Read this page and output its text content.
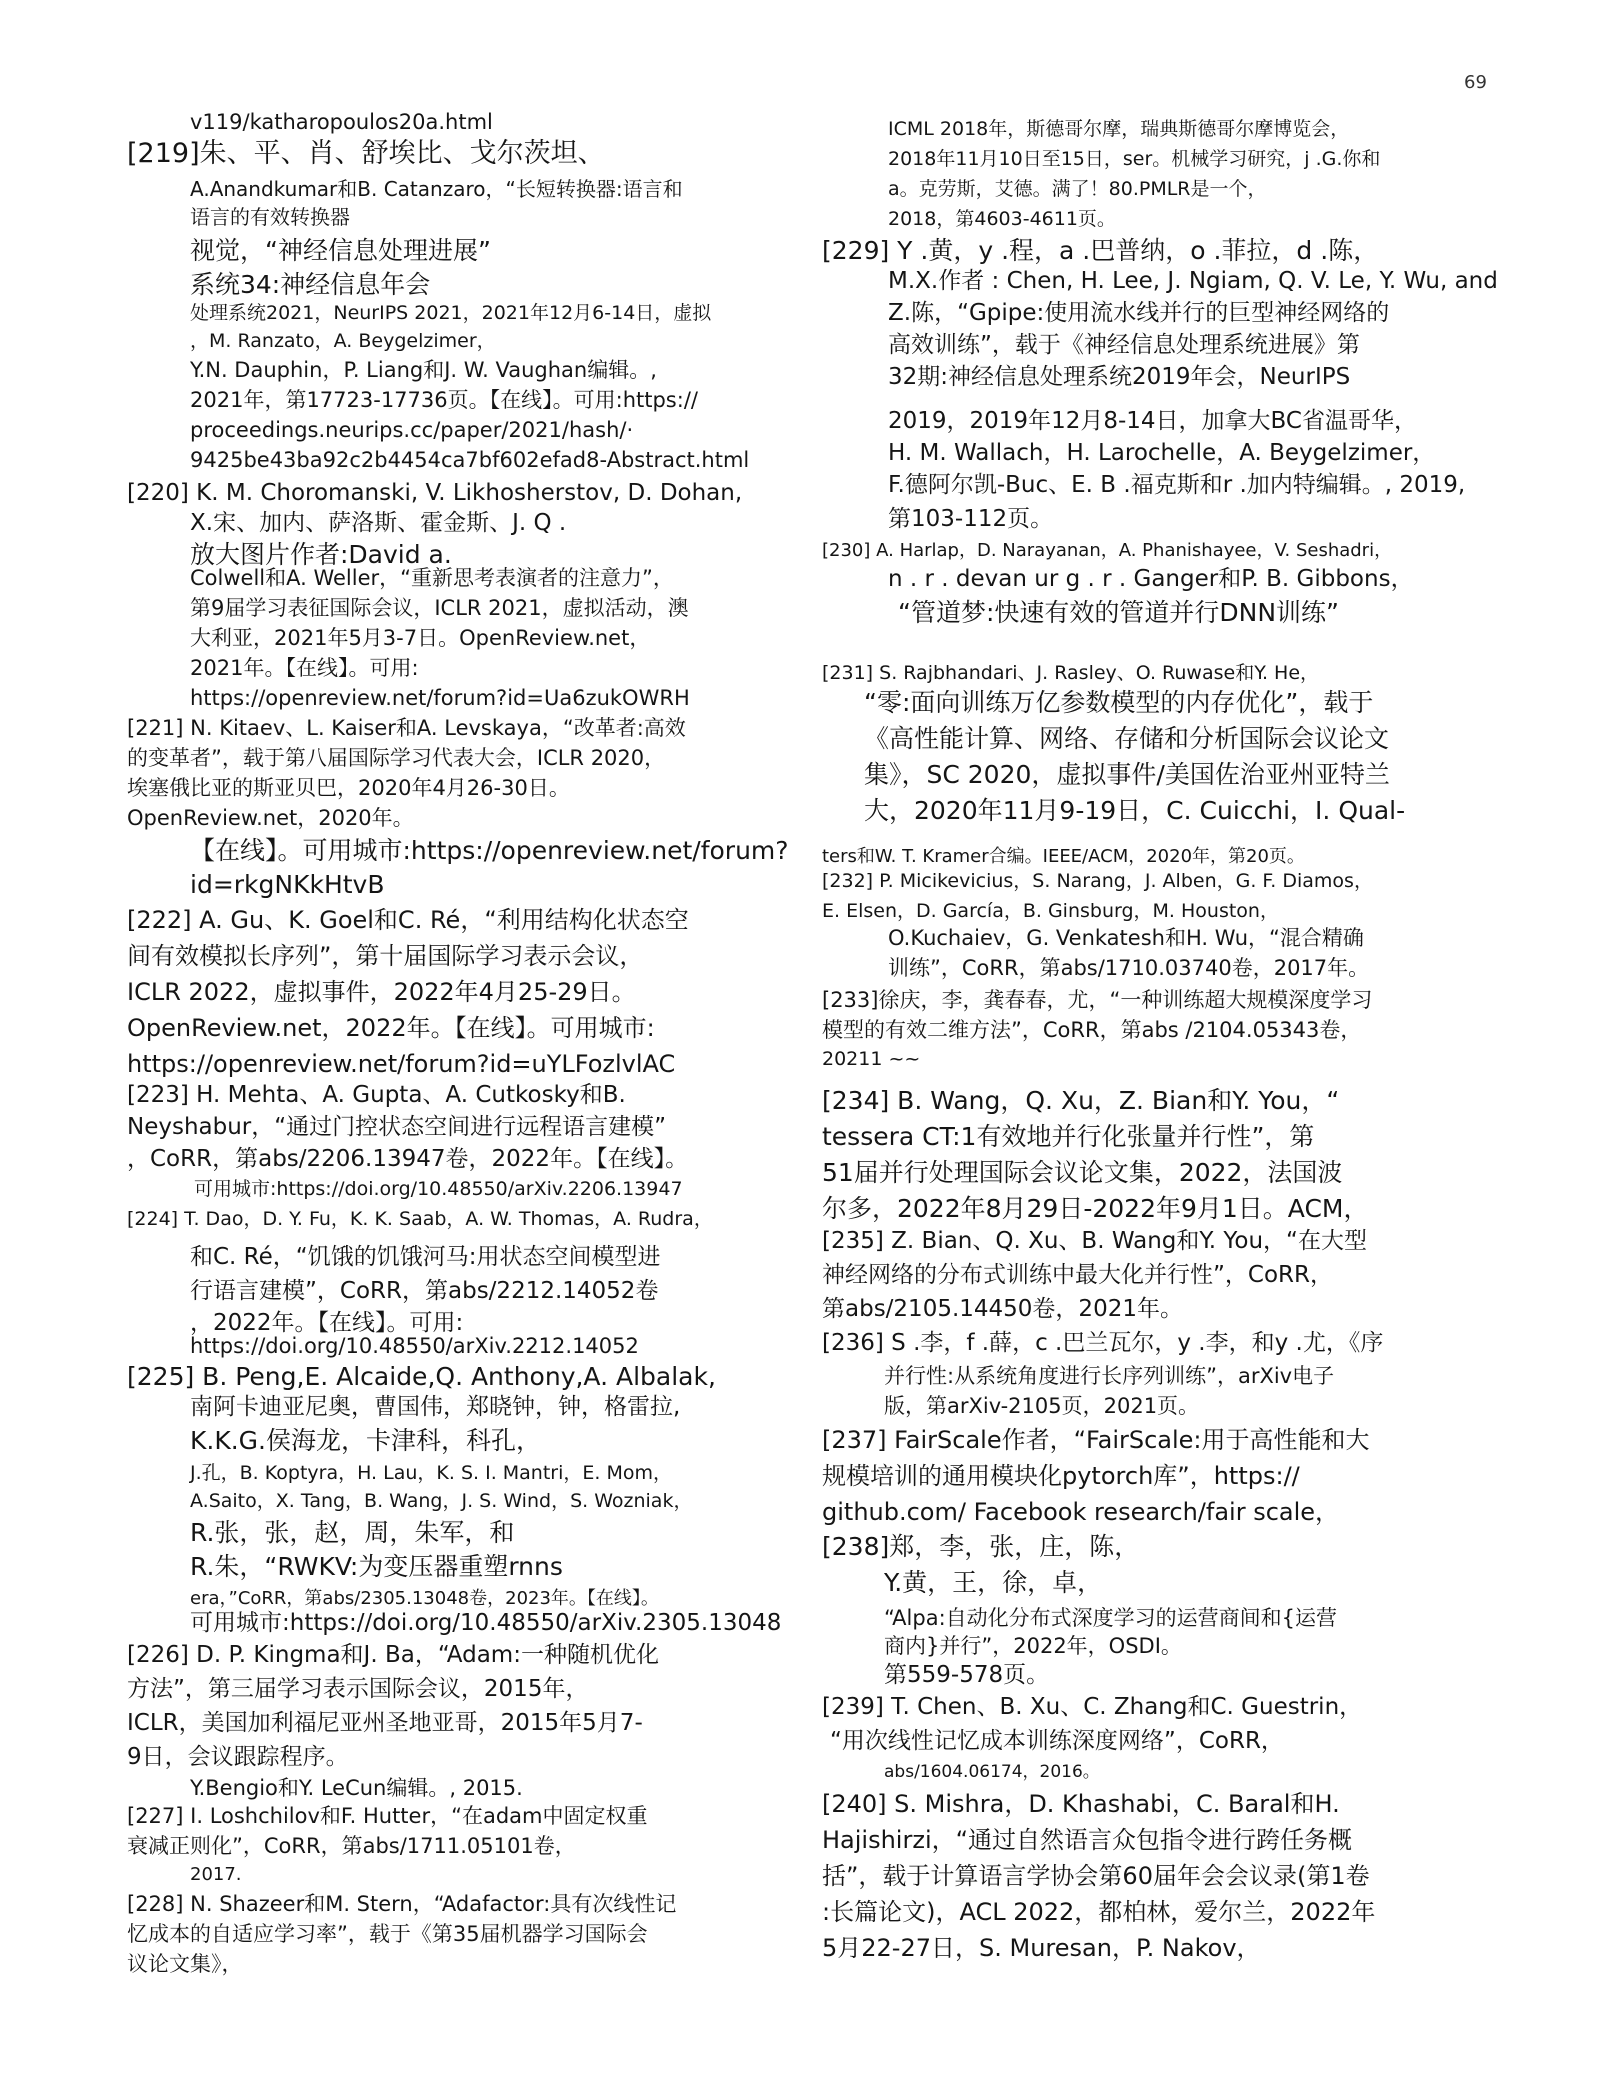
69
v119/katharopoulos20a.html
[219]朱、平、肖、舒埃比、戈尔茨坦、
A.Anandkumar和B. Catanzaro，“长短转换器:语言和
语言的有效转换器
视觉，“神经信息处理进展”
系统34:神经信息年会
处理系统2021，NeurIPS 2021，2021年12月6-14日，虚拟
，M. Ranzato，A. Beygelzimer，
Y.N. Dauphin，P. Liang和J. W. Vaughan编辑。,
2021年，第17723-17736页。【在线】。可用:https://
proceedings.neurips.cc/paper/2021/hash/·
9425be43ba92c2b4454ca7bf602efad8-Abstract.html
[220] K. M. Choromanski, V. Likhosherstov, D. Dohan,
X.宋、加内、萨洛斯、霍金斯、J. Q .
放大图片作者:David a.
Colwell和A. Weller，“重新思考表演者的注意力”，
第9届学习表征国际会议，ICLR 2021，虚拟活动，澳
大利亚，2021年5月3-7日。OpenReview.net，
2021年。【在线】。可用:
https://openreview.net/forum?id=Ua6zukOWRH
[221] N. Kitaev、L. Kaiser和A. Levskaya，“改革者:高效
的变革者”，载于第八届国际学习代表大会，ICLR 2020，
埃塞俄比亚的斯亚贝巴，2020年4月26-30日。
OpenReview.net，2020年。
【在线】。可用城市:https://openreview.net/forum?
id=rkgNKkHtvB
[222] A. Gu、K. Goel和C. Ré，“利用结构化状态空
间有效模拟长序列”，第十届国际学习表示会议，
ICLR 2022，虚拟事件，2022年4月25-29日。
OpenReview.net，2022年。【在线】。可用城市:
https://openreview.net/forum?id=uYLFozlvlAC
[223] H. Mehta、A. Gupta、A. Cutkosky和B.
Neyshabur，“通过门控状态空间进行远程语言建模”
，CoRR，第abs/2206.13947卷，2022年。【在线】。
可用城市:https://doi.org/10.48550/arXiv.2206.13947
[224] T. Dao，D. Y. Fu，K. K. Saab，A. W. Thomas，A. Rudra，
和C. Ré，“饥饿的饥饿河马:用状态空间模型进
行语言建模”，CoRR，第abs/2212.14052卷
，2022年。【在线】。可用:
https://doi.org/10.48550/arXiv.2212.14052
[225] B. Peng,E. Alcaide,Q. Anthony,A. Albalak,
南阿卡迪亚尼奥，曹国伟，郑晓钟，钟，格雷拉,
K.K.G.侯海龙，卡津科，科孔，
J.孔，B. Koptyra，H. Lau，K. S. I. Mantri，E. Mom，
A.Saito，X. Tang，B. Wang，J. S. Wind，S. Wozniak，
R.张，张，赵，周，朱军，和
R.朱，“RWKV:为变压器重塑rnns
era，”CoRR，第abs/2305.13048卷，2023年。【在线】。
可用城市:https://doi.org/10.48550/arXiv.2305.13048
[226] D. P. Kingma和J. Ba，“Adam:一种随机优化
方法”，第三届学习表示国际会议，2015年，
ICLR，美国加利福尼亚州圣地亚哥，2015年5月7-
9日，会议跟踪程序。
Y.Bengio和Y. LeCun编辑。, 2015.
[227] I. Loshchilov和F. Hutter，“在adam中固定权重
衰减正则化”，CoRR，第abs/1711.05101卷，
2017.
[228] N. Shazeer和M. Stern，“Adafactor:具有次线性记
忆成本的自适应学习率”，载于《第35届机器学习国际会
议论文集》，
ICML 2018年，斯德哥尔摩，瑞典斯德哥尔摩博览会，
2018年11月10日至15日，ser。机械学习研究，j .G.你和
a。克劳斯，艾德。满了！80.PMLR是一个，
2018，第4603-4611页。
[229] Y .黄，y .程，a .巴普纳，o .菲拉，d .陈，
M.X.作者 : Chen, H. Lee, J. Ngiam, Q. V. Le, Y. Wu, and
Z.陈，“Gpipe:使用流水线并行的巨型神经网络的
高效训练”，载于《神经信息处理系统进展》第
32期:神经信息处理系统2019年会，NeurIPS
2019，2019年12月8-14日，加拿大BC省温哥华，
H. M. Wallach，H. Larochelle，A. Beygelzimer，
F.德阿尔凯-Buc、E. B .福克斯和r .加内特编辑。, 2019,
第103-112页。
[230] A. Harlap，D. Narayanan，A. Phanishayee，V. Seshadri，
n . r . devan ur g . r . Ganger和P. B. Gibbons，
“管道梦:快速有效的管道并行DNN训练”
[231] S. Rajbhandari、J. Rasley、O. Ruwase和Y. He，
“零:面向训练万亿参数模型的内存优化”，载于
《高性能计算、网络、存储和分析国际会议论文
集》，SC 2020，虚拟事件/美国佐治亚州亚特兰
大，2020年11月9-19日，C. Cuicchi，I. Qual-
ters和W. T. Kramer合编。IEEE/ACM，2020年，第20页。
[232] P. Micikevicius，S. Narang，J. Alben，G. F. Diamos，
E. Elsen，D. García，B. Ginsburg，M. Houston，
O.Kuchaiev，G. Venkatesh和H. Wu，“混合精确
训练”，CoRR，第abs/1710.03740卷，2017年。
[233]徐庆，李，龚春春，尤，“一种训练超大规模深度学习
模型的有效二维方法”，CoRR，第abs /2104.05343卷，
20211 ~~
[234] B. Wang，Q. Xu，Z. Bian和Y. You，“
tessera CT:1有效地并行化张量并行性”，第
51届并行处理国际会议论文集，2022，法国波
尔多，2022年8月29日-2022年9月1日。ACM，
[235] Z. Bian、Q. Xu、B. Wang和Y. You，“在大型
神经网络的分布式训练中最大化并行性”，CoRR，
第abs/2105.14450卷，2021年。
[236] S .李，f .薛，c .巴兰瓦尔，y .李，和y .尤，《序
并行性:从系统角度进行长序列训练”，arXiv电子
版，第arXiv-2105页，2021页。
[237] FairScale作者，“FairScale:用于高性能和大
规模培训的通用模块化pytorch库”，https://
github.com/ Facebook research/fair scale，
[238]郑，李，张，庄，陈，
Y.黄，王，徐，卓，
“Alpa:自动化分布式深度学习的运营商间和{运营
商内}并行”，2022年，OSDI。
第559-578页。
[239] T. Chen、B. Xu、C. Zhang和C. Guestrin，
“用次线性记忆成本训练深度网络”，CoRR，
abs/1604.06174，2016。
[240] S. Mishra，D. Khashabi，C. Baral和H.
Hajishirzi，“通过自然语言众包指令进行跨任务概
括”，载于计算语言学协会第60届年会会议录(第1卷
:长篇论文)，ACL 2022，都柏林，爱尔兰，2022年
5月22-27日，S. Muresan，P. Nakov，
